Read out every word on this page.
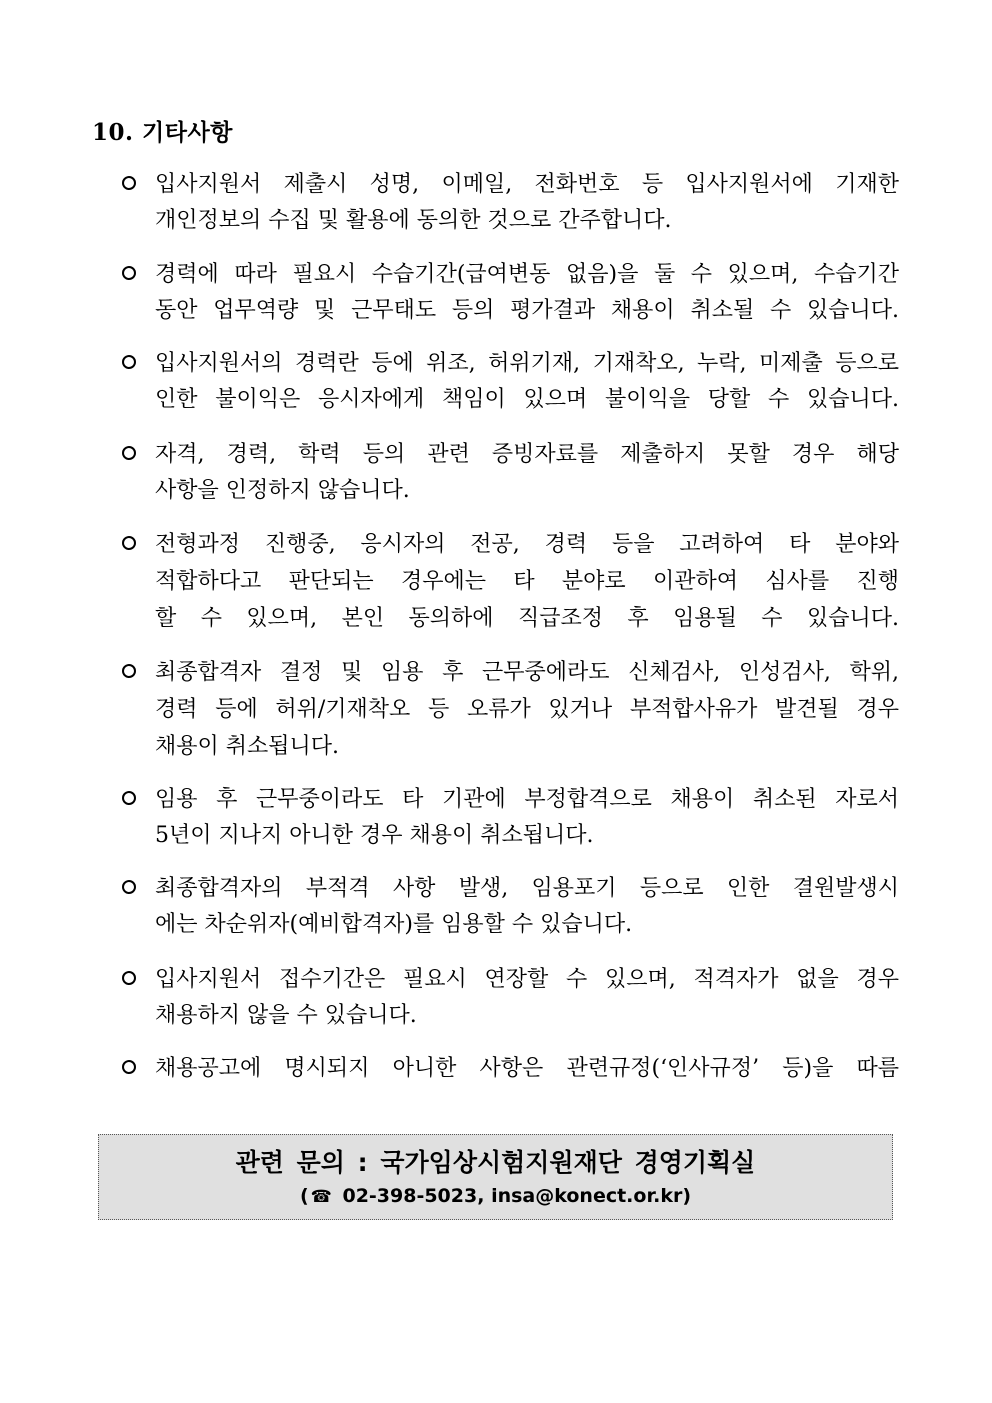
10. 기타사항
입사지원서 제출시 성명, 이메일, 전화번호 등 입사지원서에 기재한
개인정보의 수집 및 활용에 동의한 것으로 간주합니다.
경력에 따라 필요시 수습기간(급여변동 없음)을 둘 수 있으며, 수습기간
동안 업무역량 및 근무태도 등의 평가결과 채용이 취소될 수 있습니다.
입사지원서의 경력란 등에 위조, 허위기재, 기재착오, 누락, 미제출 등으로
인한 불이익은 응시자에게 책임이 있으며 불이익을 당할 수 있습니다.
자격, 경력, 학력 등의 관련 증빙자료를 제출하지 못할 경우 해당
사항을 인정하지 않습니다.
전형과정 진행중, 응시자의 전공, 경력 등을 고려하여 타 분야와
적합하다고 판단되는 경우에는 타 분야로 이관하여 심사를 진행
할 수 있으며, 본인 동의하에 직급조정 후 임용될 수 있습니다.
최종합격자 결정 및 임용 후 근무중에라도 신체검사, 인성검사, 학위,
경력 등에 허위/기재착오 등 오류가 있거나 부적합사유가 발견될 경우
채용이 취소됩니다.
임용 후 근무중이라도 타 기관에 부정합격으로 채용이 취소된 자로서
5년이 지나지 아니한 경우 채용이 취소됩니다.
최종합격자의 부적격 사항 발생, 임용포기 등으로 인한 결원발생시
에는 차순위자(예비합격자)를 임용할 수 있습니다.
입사지원서 접수기간은 필요시 연장할 수 있으며, 적격자가 없을 경우
채용하지 않을 수 있습니다.
채용공고에 명시되지 아니한 사항은 관련규정(‘인사규정’ 등)을 따름
관련 문의 : 국가임상시험지원재단 경영기획실
( ☎ 02-398-5023, insa@konect.or.kr)
